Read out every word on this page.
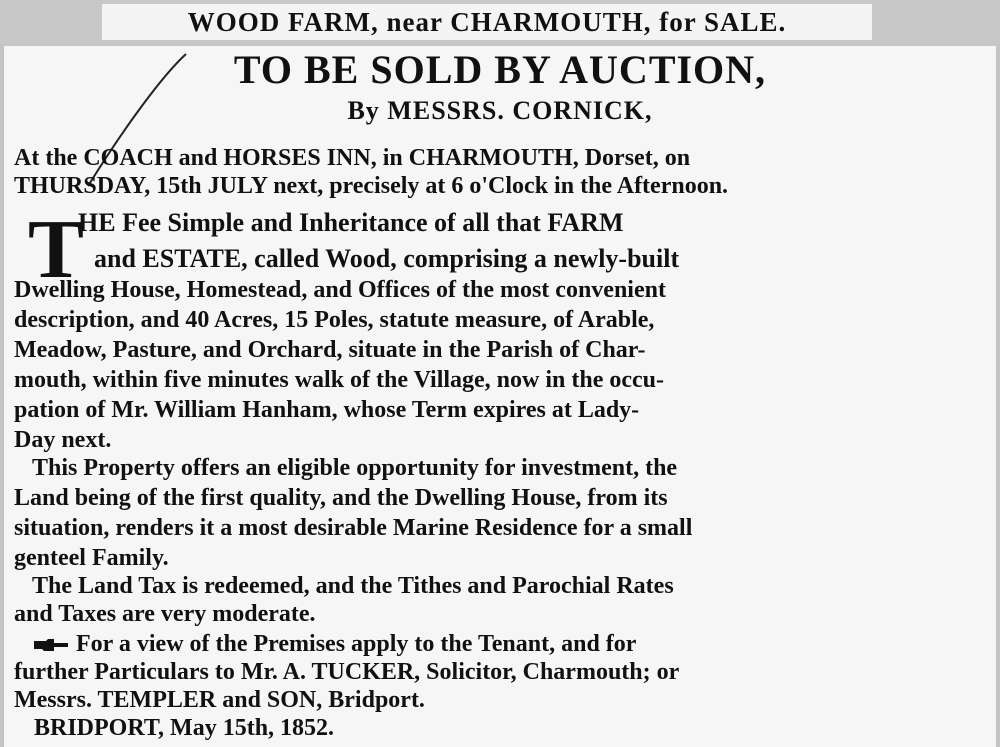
WOOD FARM, near CHARMOUTH, for SALE.
TO BE SOLD BY AUCTION,
By MESSRS. CORNICK,
At the COACH and HORSES INN, in CHARMOUTH, Dorset, on
THURSDAY, 15th JULY next, precisely at 6 o'Clock in the Afternoon.
T
HE Fee Simple and Inheritance of all that FARM
and ESTATE, called Wood, comprising a newly-built
Dwelling House, Homestead, and Offices of the most convenient
description, and 40 Acres, 15 Poles, statute measure, of Arable,
Meadow, Pasture, and Orchard, situate in the Parish of Char-
mouth, within five minutes walk of the Village, now in the occu-
pation of Mr. William Hanham, whose Term expires at Lady-
Day next.
This Property offers an eligible opportunity for investment, the
Land being of the first quality, and the Dwelling House, from its
situation, renders it a most desirable Marine Residence for a small
genteel Family.
The Land Tax is redeemed, and the Tithes and Parochial Rates
and Taxes are very moderate.
For a view of the Premises apply to the Tenant, and for
further Particulars to Mr. A. TUCKER, Solicitor, Charmouth; or
Messrs. TEMPLER and SON, Bridport.
BRIDPORT, May 15th, 1852.
